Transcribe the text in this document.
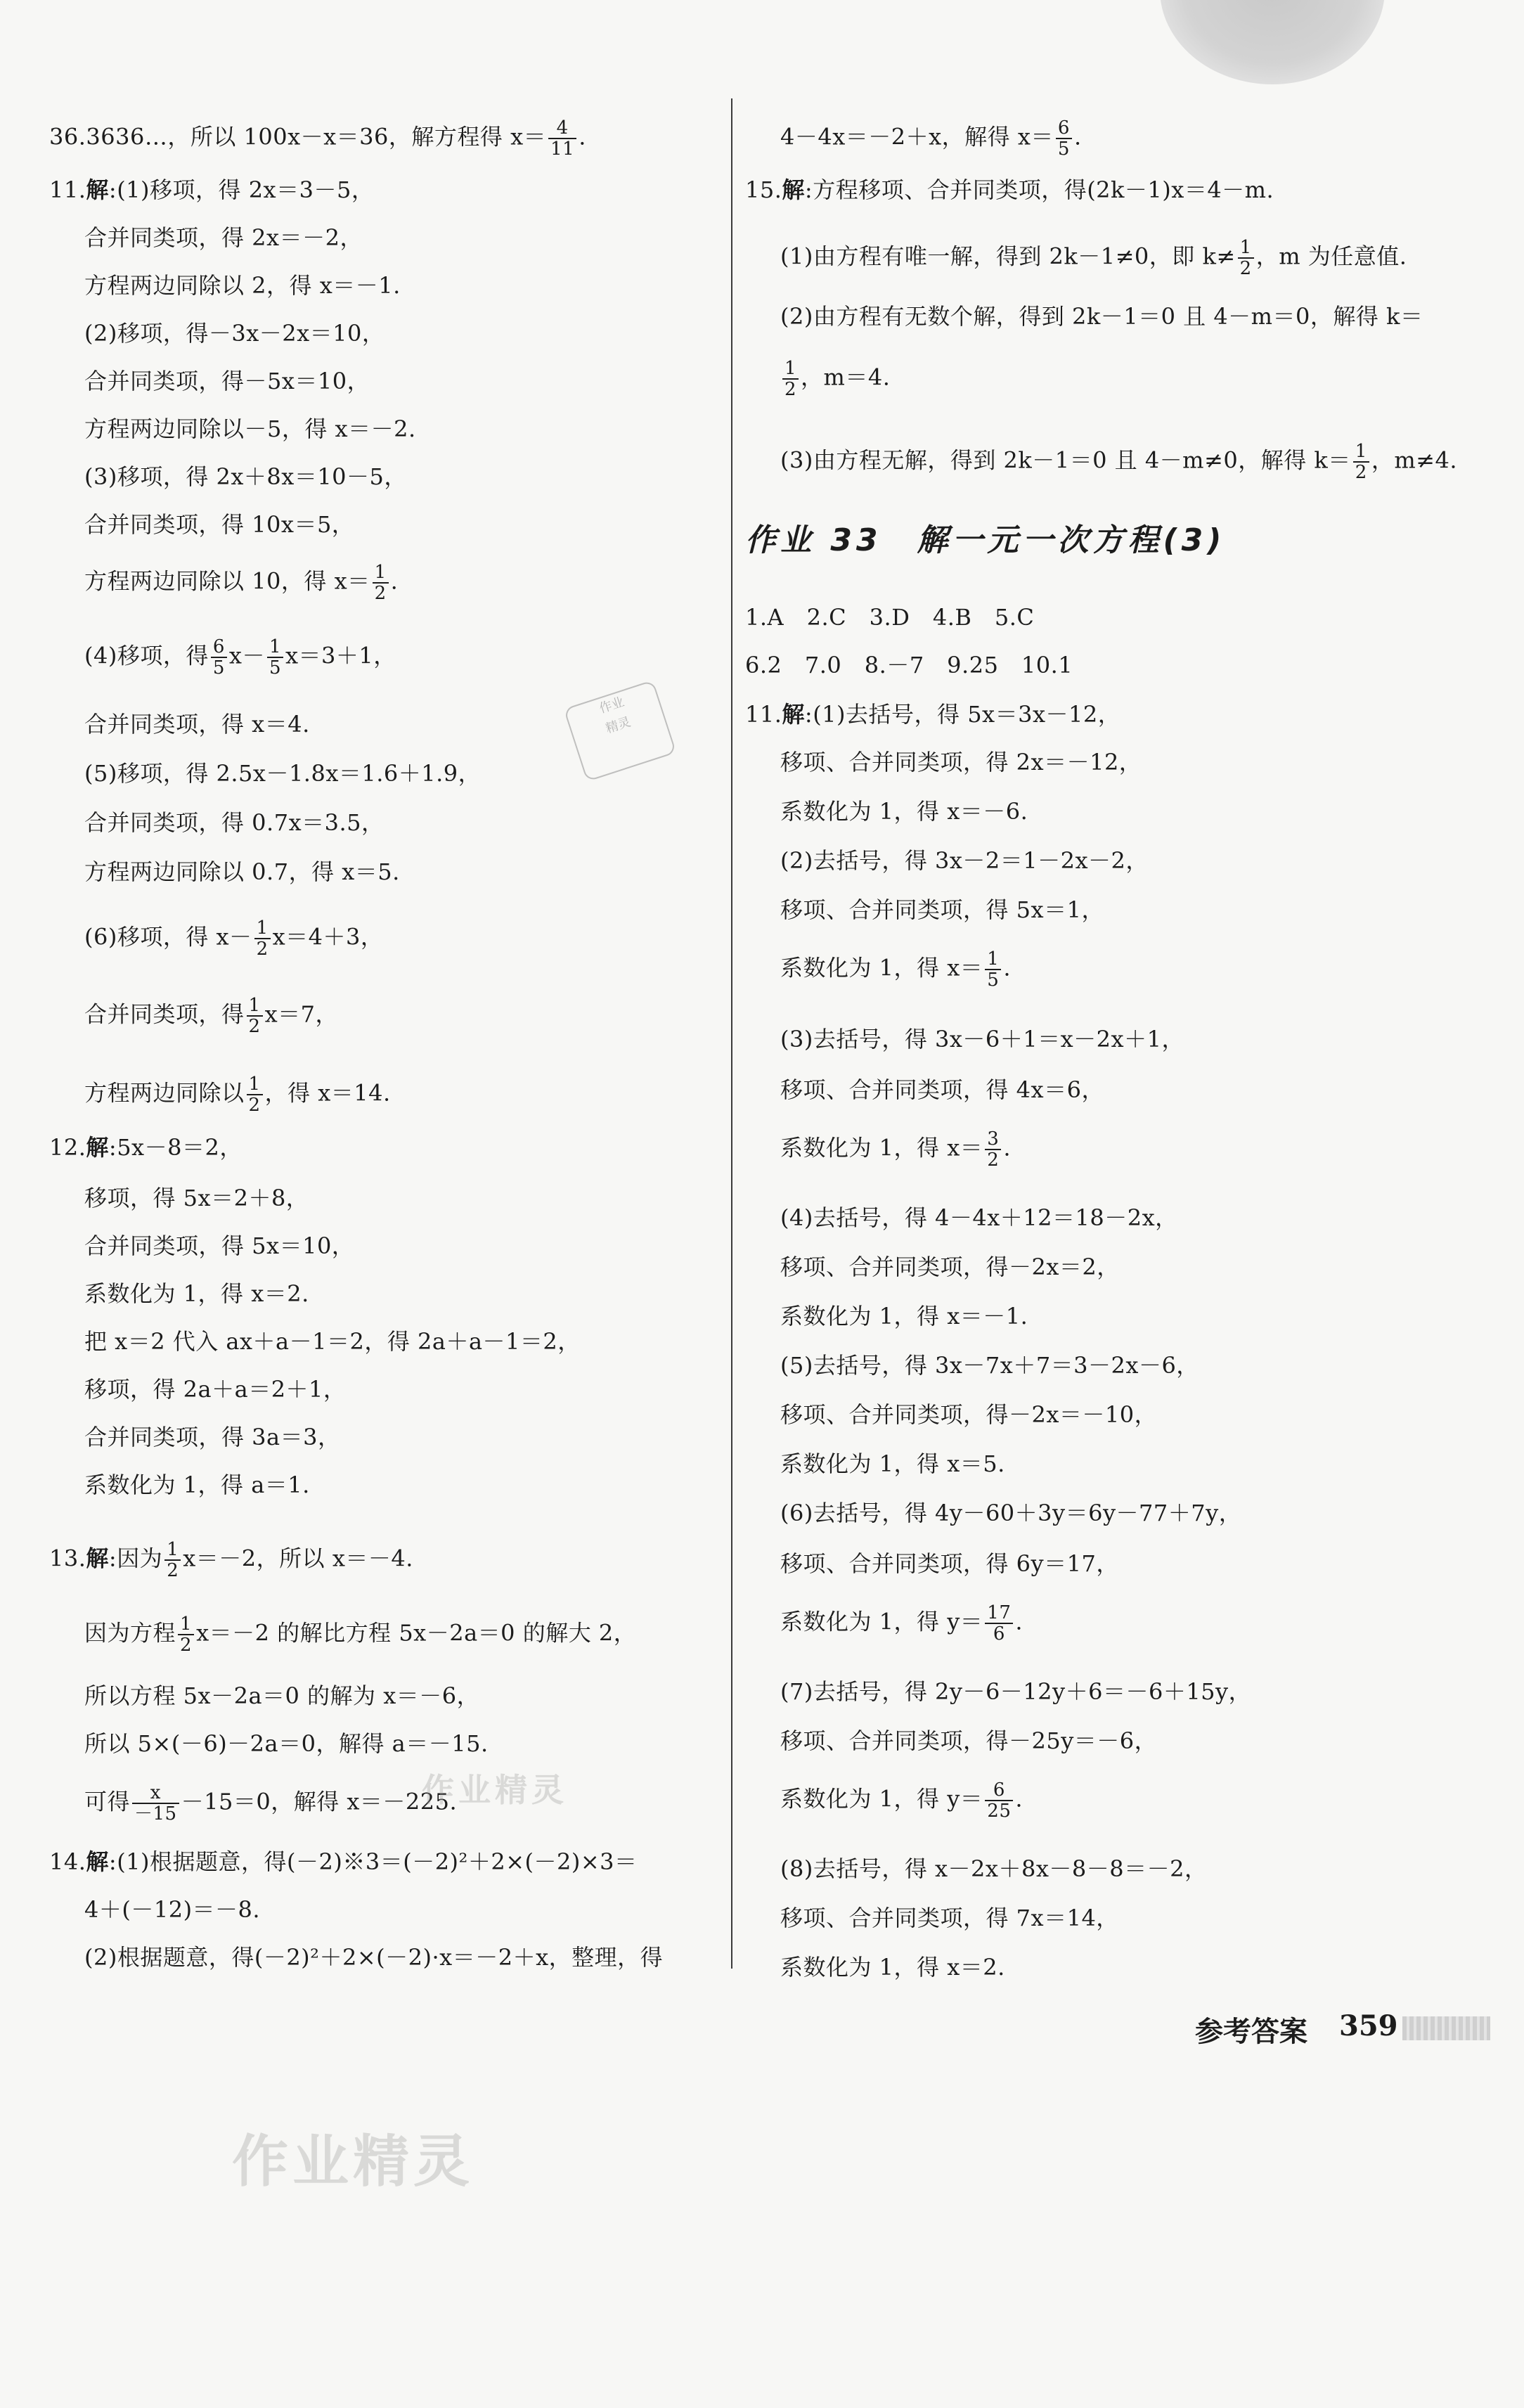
36.3636…，所以 100x－x＝36，解方程得 $x= \frac{4}{11}$ .
11.解:(1)移项，得 2x＝3－5，
合并同类项，得 2x＝－2，
方程两边同除以 2，得 x＝－1.
(2)移项，得－3x－2x＝10，
合并同类项，得－5x＝10，
方程两边同除以－5，得 x＝－2.
(3)移项，得 2x＋8x＝10－5，
合并同类项，得 10x＝5，
方程两边同除以 10，得 $x= \frac{1}{2}$ .
(4)移项，得 $\frac{6}{5} x- \frac{1}{5} x=3+1$，
合并同类项，得 x＝4.
(5)移项，得 2.5x－1.8x＝1.6＋1.9，
合并同类项，得 0.7x＝3.5，
方程两边同除以 0.7，得 x＝5.
(6)移项，得 $x- \frac{1}{2} x=4+3$，
合并同类项，得 $\frac{1}{2} x=7$，
方程两边同除以 $\frac{1}{2}$ ，得 x＝14.
12.解:5x－8＝2，
移项，得 5x＝2＋8，
合并同类项，得 5x＝10，
系数化为 1，得 x＝2.
把 x＝2 代入 ax＋a－1＝2，得 2a＋a－1＝2，
移项，得 2a＋a＝2＋1，
合并同类项，得 3a＝3，
系数化为 1，得 a＝1.
13.解:因为 $\frac{1}{2} x=-2$，所以 x＝－4.
因为方程 $\frac{1}{2} x=-2$ 的解比方程 5x－2a＝0 的解大 2，
所以方程 5x－2a＝0 的解为 x＝－6，
所以 5×(－6)－2a＝0，解得 a＝－15.
可得 $\frac{x}{-15} -15=0$，解得 x＝－225.
14.解:(1)根据题意，得(－2)※3＝(－2)²＋2×(－2)×3＝
4＋(－12)＝－8.
(2)根据题意，得(－2)²＋2×(－2)·x＝－2＋x，整理，得
4－4x＝－2＋x，解得 $x= \frac{6}{5}$ .
15.解:方程移项、合并同类项，得(2k－1)x＝4－m.
(1)由方程有唯一解，得到 2k－1≠0，即 $k\ne \frac{1}{2}$ ，m 为任意值.
(2)由方程有无数个解，得到 2k－1＝0 且 4－m＝0，解得 k＝
$\frac{1}{2}$ ，m＝4.
(3)由方程无解，得到 2k－1＝0 且 4－m≠0，解得 $k= \frac{1}{2}$ ，m≠4.
作业 33　解一元一次方程(3)
1.A　2.C　3.D　4.B　5.C
6.2　7.0　8.－7　9.25　10.1
11.解:(1)去括号，得 5x＝3x－12，
移项、合并同类项，得 2x＝－12，
系数化为 1，得 x＝－6.
(2)去括号，得 3x－2＝1－2x－2，
移项、合并同类项，得 5x＝1，
系数化为 1，得 $x= \frac{1}{5}$ .
(3)去括号，得 3x－6＋1＝x－2x＋1，
移项、合并同类项，得 4x＝6，
系数化为 1，得 $x= \frac{3}{2}$ .
(4)去括号，得 4－4x＋12＝18－2x，
移项、合并同类项，得－2x＝2，
系数化为 1，得 x＝－1.
(5)去括号，得 3x－7x＋7＝3－2x－6，
移项、合并同类项，得－2x＝－10，
系数化为 1，得 x＝5.
(6)去括号，得 4y－60＋3y＝6y－77＋7y，
移项、合并同类项，得 6y＝17，
系数化为 1，得 $y= \frac{17}{6}$ .
(7)去括号，得 2y－6－12y＋6＝－6＋15y，
移项、合并同类项，得－25y＝－6，
系数化为 1，得 $y= \frac{6}{25}$ .
(8)去括号，得 x－2x＋8x－8－8＝－2，
移项、合并同类项，得 7x＝14，
系数化为 1，得 x＝2.
参考答案 359
作业
精灵
作业精灵
作业精灵
